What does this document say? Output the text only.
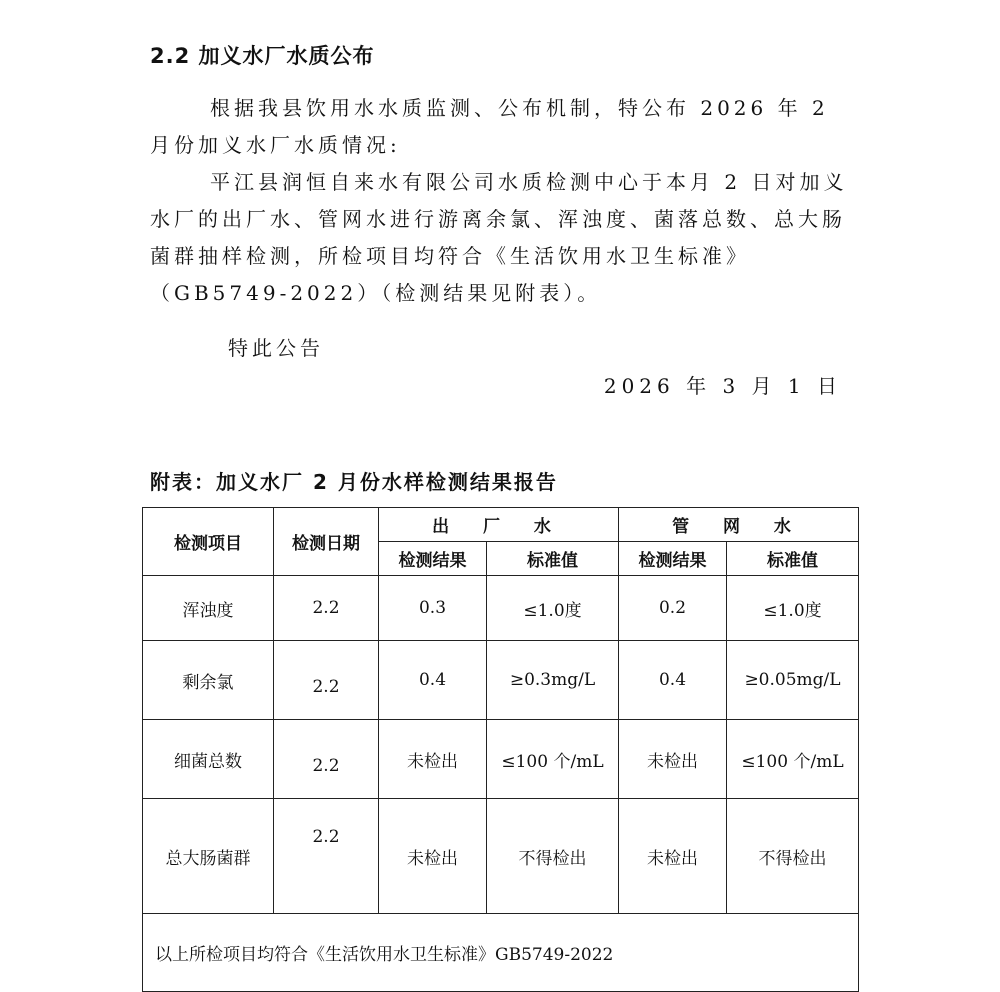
2.2 加义水厂水质公布

根据我县饮用水水质监测、公布机制，特公布 2026 年 2 月份加义水厂水质情况:

平江县润恒自来水有限公司水质检测中心于本月 2 日对加义水厂的出厂水、管网水进行游离余氯、浑浊度、菌落总数、总大肠菌群抽样检测，所检项目均符合《生活饮用水卫生标准》（GB5749-2022）（检测结果见附表）。

特此公告

2026 年 3 月 1 日

附表：加义水厂 2 月份水样检测结果报告
检测项目	检测日期	出 厂 水		管 网 水	
		检测结果	标准值	检测结果	标准值
浑浊度	2.2	0.3	≤1.0度	0.2	≤1.0度
剩余氯	2.2	0.4	≥0.3mg/L	0.4	≥0.05mg/L
细菌总数	2.2	未检出	≤100 个/mL	未检出	≤100 个/mL
总大肠菌群	2.2	未检出	不得检出	未检出	不得检出
以上所检项目均符合《生活饮用水卫生标准》GB5749-2022					
